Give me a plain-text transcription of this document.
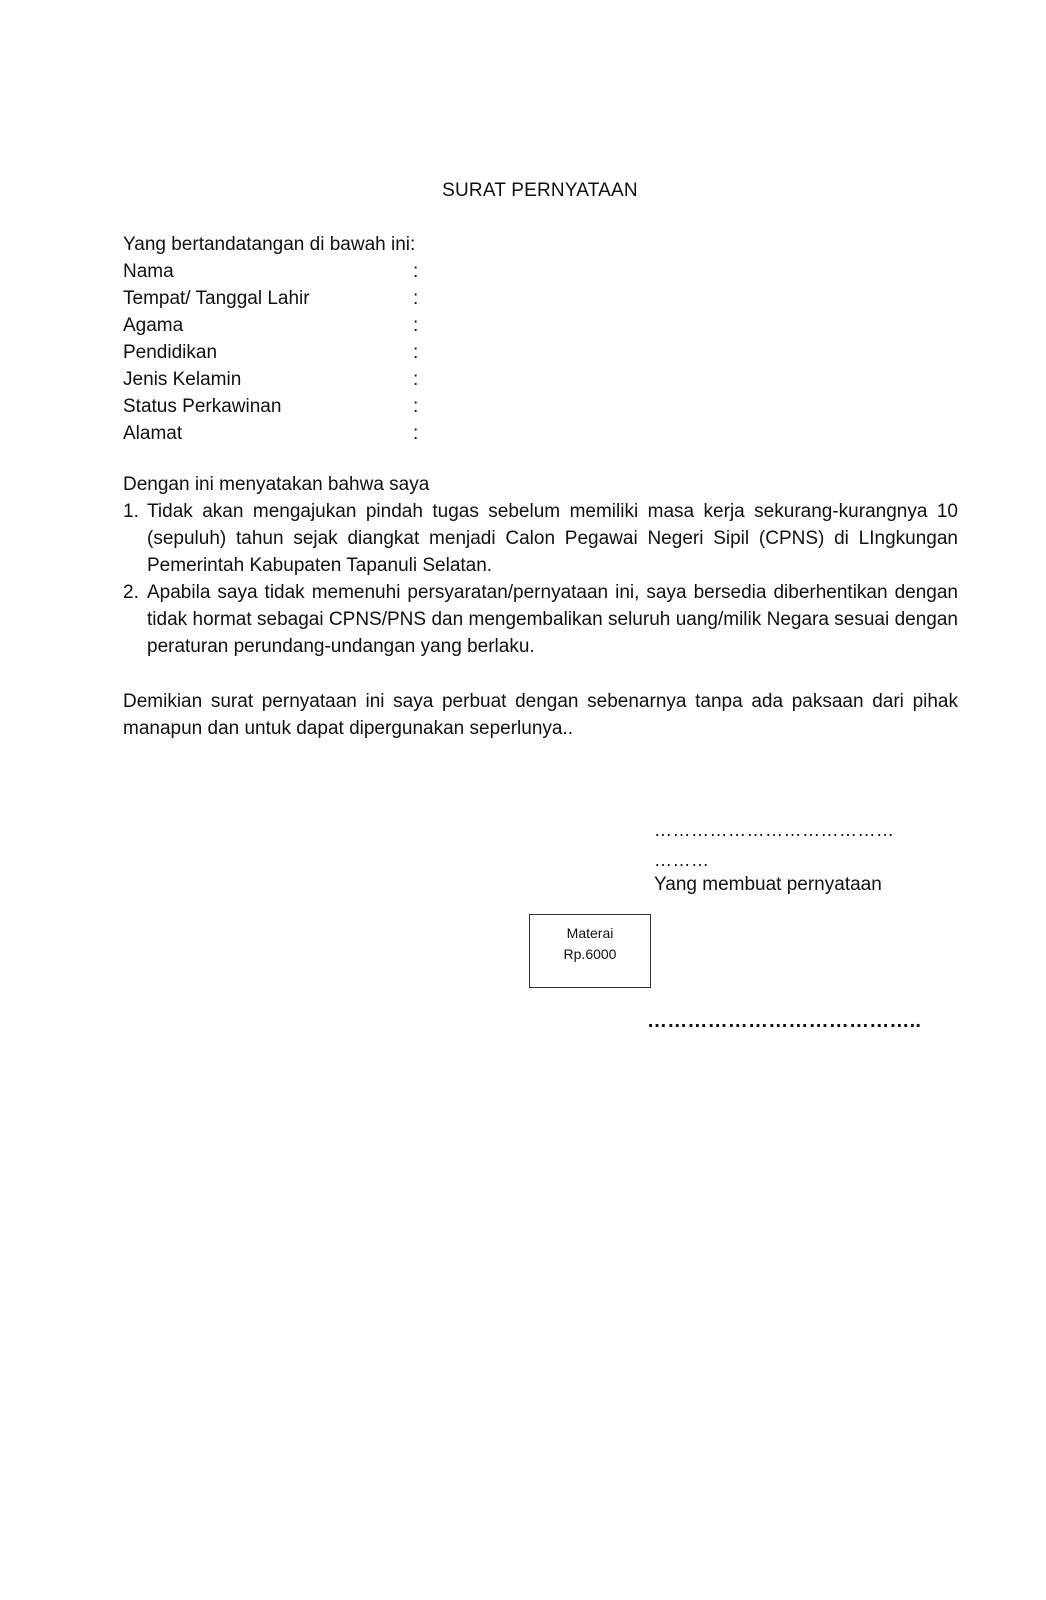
SURAT PERNYATAAN
Yang bertandatangan di bawah ini:
Nama	:
Tempat/ Tanggal Lahir	:
Agama	:
Pendidikan	:
Jenis Kelamin	:
Status Perkawinan	:
Alamat	:
Dengan ini menyatakan bahwa saya
1. Tidak akan mengajukan pindah tugas sebelum memiliki masa kerja sekurang-kurangnya 10 (sepuluh) tahun sejak diangkat menjadi Calon Pegawai Negeri Sipil (CPNS) di LIngkungan Pemerintah Kabupaten Tapanuli Selatan.
2. Apabila saya tidak memenuhi persyaratan/pernyataan ini, saya bersedia diberhentikan dengan tidak hormat sebagai CPNS/PNS dan mengembalikan seluruh uang/milik Negara sesuai dengan peraturan perundang-undangan yang berlaku.
Demikian surat pernyataan ini saya perbuat dengan sebenarnya tanpa ada paksaan dari pihak manapun dan untuk dapat dipergunakan seperlunya..
…………………………………
………
Yang membuat pernyataan
Materai
Rp.6000
…………………………………..
